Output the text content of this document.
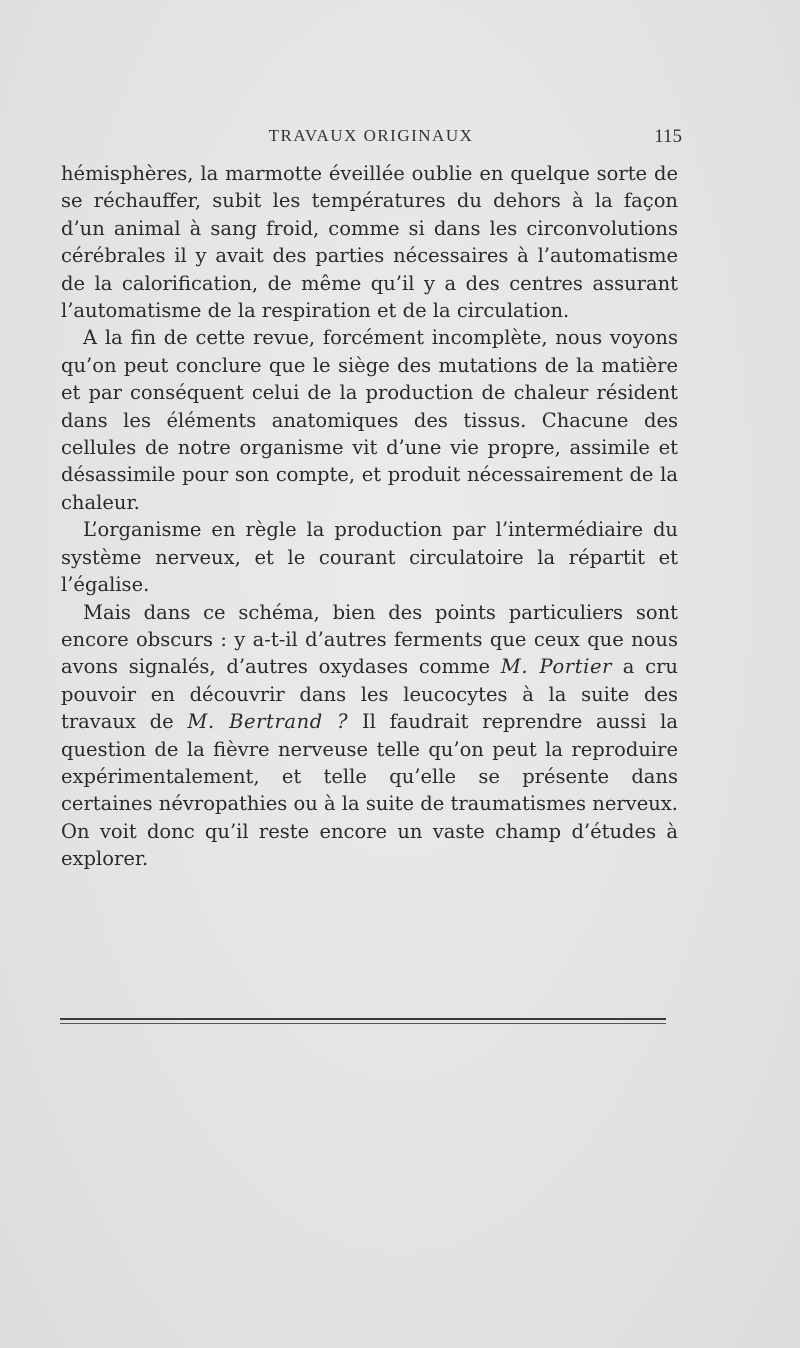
TRAVAUX ORIGINAUX	115

hémisphères, la marmotte éveillée oublie en quelque sorte de se réchauffer, subit les températures du dehors à la façon d’un animal à sang froid, comme si dans les circonvolutions cérébrales il y avait des parties nécessaires à l’automatisme de la calorification, de même qu’il y a des centres assurant l’automatisme de la respiration et de la circulation.

A la fin de cette revue, forcément incomplète, nous voyons qu’on peut conclure que le siège des mutations de la matière et par conséquent celui de la production de chaleur résident dans les éléments anatomiques des tissus. Chacune des cellules de notre organisme vit d’une vie propre, assimile et désassimile pour son compte, et produit nécessairement de la chaleur.

L’organisme en règle la production par l’intermédiaire du système nerveux, et le courant circulatoire la répartit et l’égalise.

Mais dans ce schéma, bien des points particuliers sont encore obscurs : y a-t-il d’autres ferments que ceux que nous avons signalés, d’autres oxydases comme M. Portier a cru pouvoir en découvrir dans les leucocytes à la suite des travaux de M. Bertrand ? Il faudrait reprendre aussi la question de la fièvre nerveuse telle qu’on peut la reproduire expérimentalement, et telle qu’elle se présente dans certaines névropathies ou à la suite de traumatismes nerveux. On voit donc qu’il reste encore un vaste champ d’études à explorer.
